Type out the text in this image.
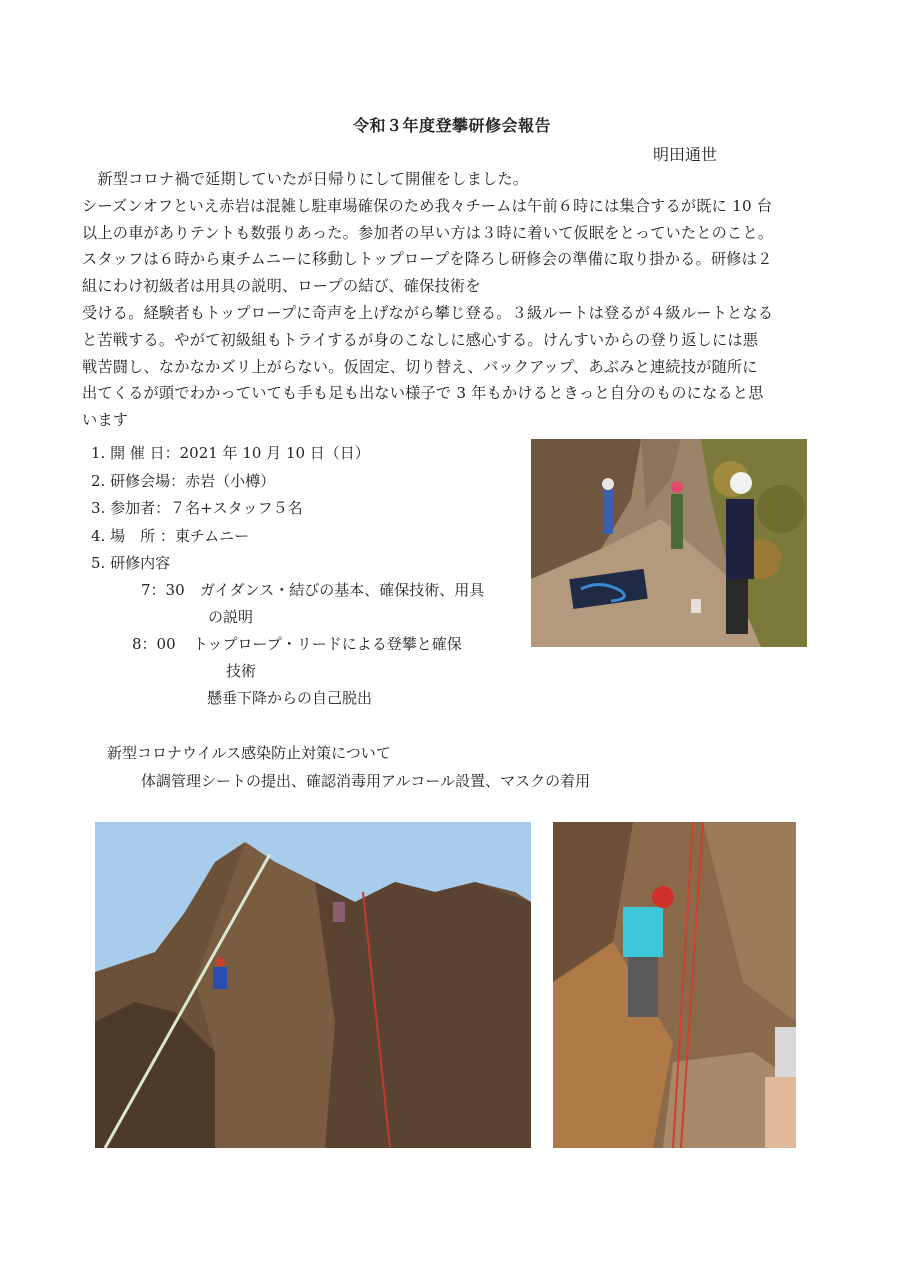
令和３年度登攀研修会報告
明田通世
　新型コロナ禍で延期していたが日帰りにして開催をしました。
シーズンオフといえ赤岩は混雑し駐車場確保のため我々チームは午前６時には集合するが既に 10 台
以上の車がありテントも数張りあった。参加者の早い方は３時に着いて仮眠をとっていたとのこと。
スタッフは６時から東チムニーに移動しトップロープを降ろし研修会の準備に取り掛かる。研修は２
組にわけ初級者は用具の説明、ロープの結び、確保技術を
受ける。経験者もトップロープに奇声を上げながら攀じ登る。３級ルートは登るが４級ルートとなる
と苦戦する。やがて初級組もトライするが身のこなしに感心する。けんすいからの登り返しには悪
戦苦闘し、なかなかズリ上がらない。仮固定、切り替え、バックアップ、あぶみと連続技が随所に
出てくるが頭でわかっていても手も足も出ない様子で 3 年もかけるときっと自分のものになると思
います
1. 開 催 日：2021 年 10 月 10 日（日）
2. 研修会場：赤岩（小樽）
3. 参加者：７名+スタッフ５名
4. 場　所 ：東チムニー
5. 研修内容
7：30 ガイダンス・結びの基本、確保技術、用具
の説明
8：00 トップロープ・リードによる登攀と確保
技術
懸垂下降からの自己脱出
新型コロナウイルス感染防止対策について
体調管理シートの提出、確認消毒用アルコール設置、マスクの着用
